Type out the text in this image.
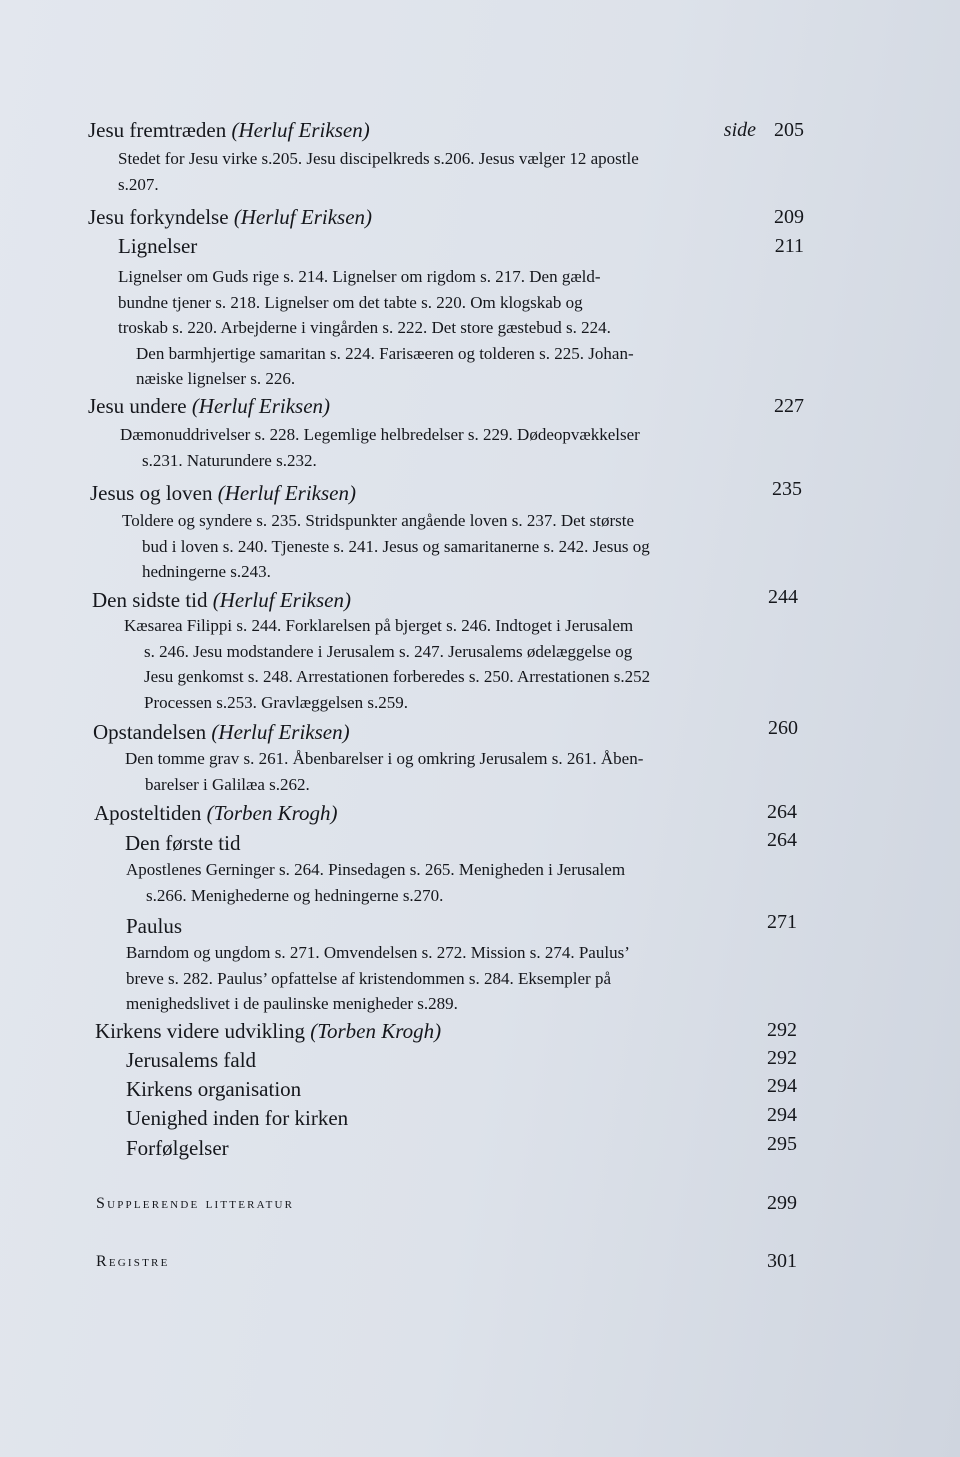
Jesu fremtræden (Herluf Eriksen)	side 205
Stedet for Jesu virke s.205. Jesu discipelkreds s.206. Jesus vælger 12 apostle
s.207.
Jesu forkyndelse (Herluf Eriksen)	209
Lignelser	211
Lignelser om Guds rige s. 214. Lignelser om rigdom s. 217. Den gæld-
bundne tjener s. 218. Lignelser om det tabte s. 220. Om klogskab og
troskab s. 220. Arbejderne i vingården s. 222. Det store gæstebud s. 224.
Den barmhjertige samaritan s. 224. Farisæeren og tolderen s. 225. Johan-
næiske lignelser s. 226.
Jesu undere (Herluf Eriksen)	227
Dæmonuddrivelser s. 228. Legemlige helbredelser s. 229. Dødeopvækkelser
s.231. Naturundere s.232.
Jesus og loven (Herluf Eriksen)	235
Toldere og syndere s. 235. Stridspunkter angående loven s. 237. Det største
bud i loven s. 240. Tjeneste s. 241. Jesus og samaritanerne s. 242. Jesus og
hedningerne s.243.
Den sidste tid (Herluf Eriksen)	244
Kæsarea Filippi s. 244. Forklarelsen på bjerget s. 246. Indtoget i Jerusalem
s. 246. Jesu modstandere i Jerusalem s. 247. Jerusalems ødelæggelse og
Jesu genkomst s. 248. Arrestationen forberedes s. 250. Arrestationen s.252
Processen s.253. Gravlæggelsen s.259.
Opstandelsen (Herluf Eriksen)	260
Den tomme grav s. 261. Åbenbarelser i og omkring Jerusalem s. 261. Åben-
barelser i Galilæa s.262.
Aposteltiden (Torben Krogh)	264
Den første tid	264
Apostlenes Gerninger s. 264. Pinsedagen s. 265. Menigheden i Jerusalem
s.266. Menighederne og hedningerne s.270.
Paulus	271
Barndom og ungdom s. 271. Omvendelsen s. 272. Mission s. 274. Paulus’
breve s. 282. Paulus’ opfattelse af kristendommen s. 284. Eksempler på
menighedslivet i de paulinske menigheder s.289.
Kirkens videre udvikling (Torben Krogh)	292
Jerusalems fald	292
Kirkens organisation	294
Uenighed inden for kirken	294
Forfølgelser	295
Supplerende litteratur	299
Registre	301
